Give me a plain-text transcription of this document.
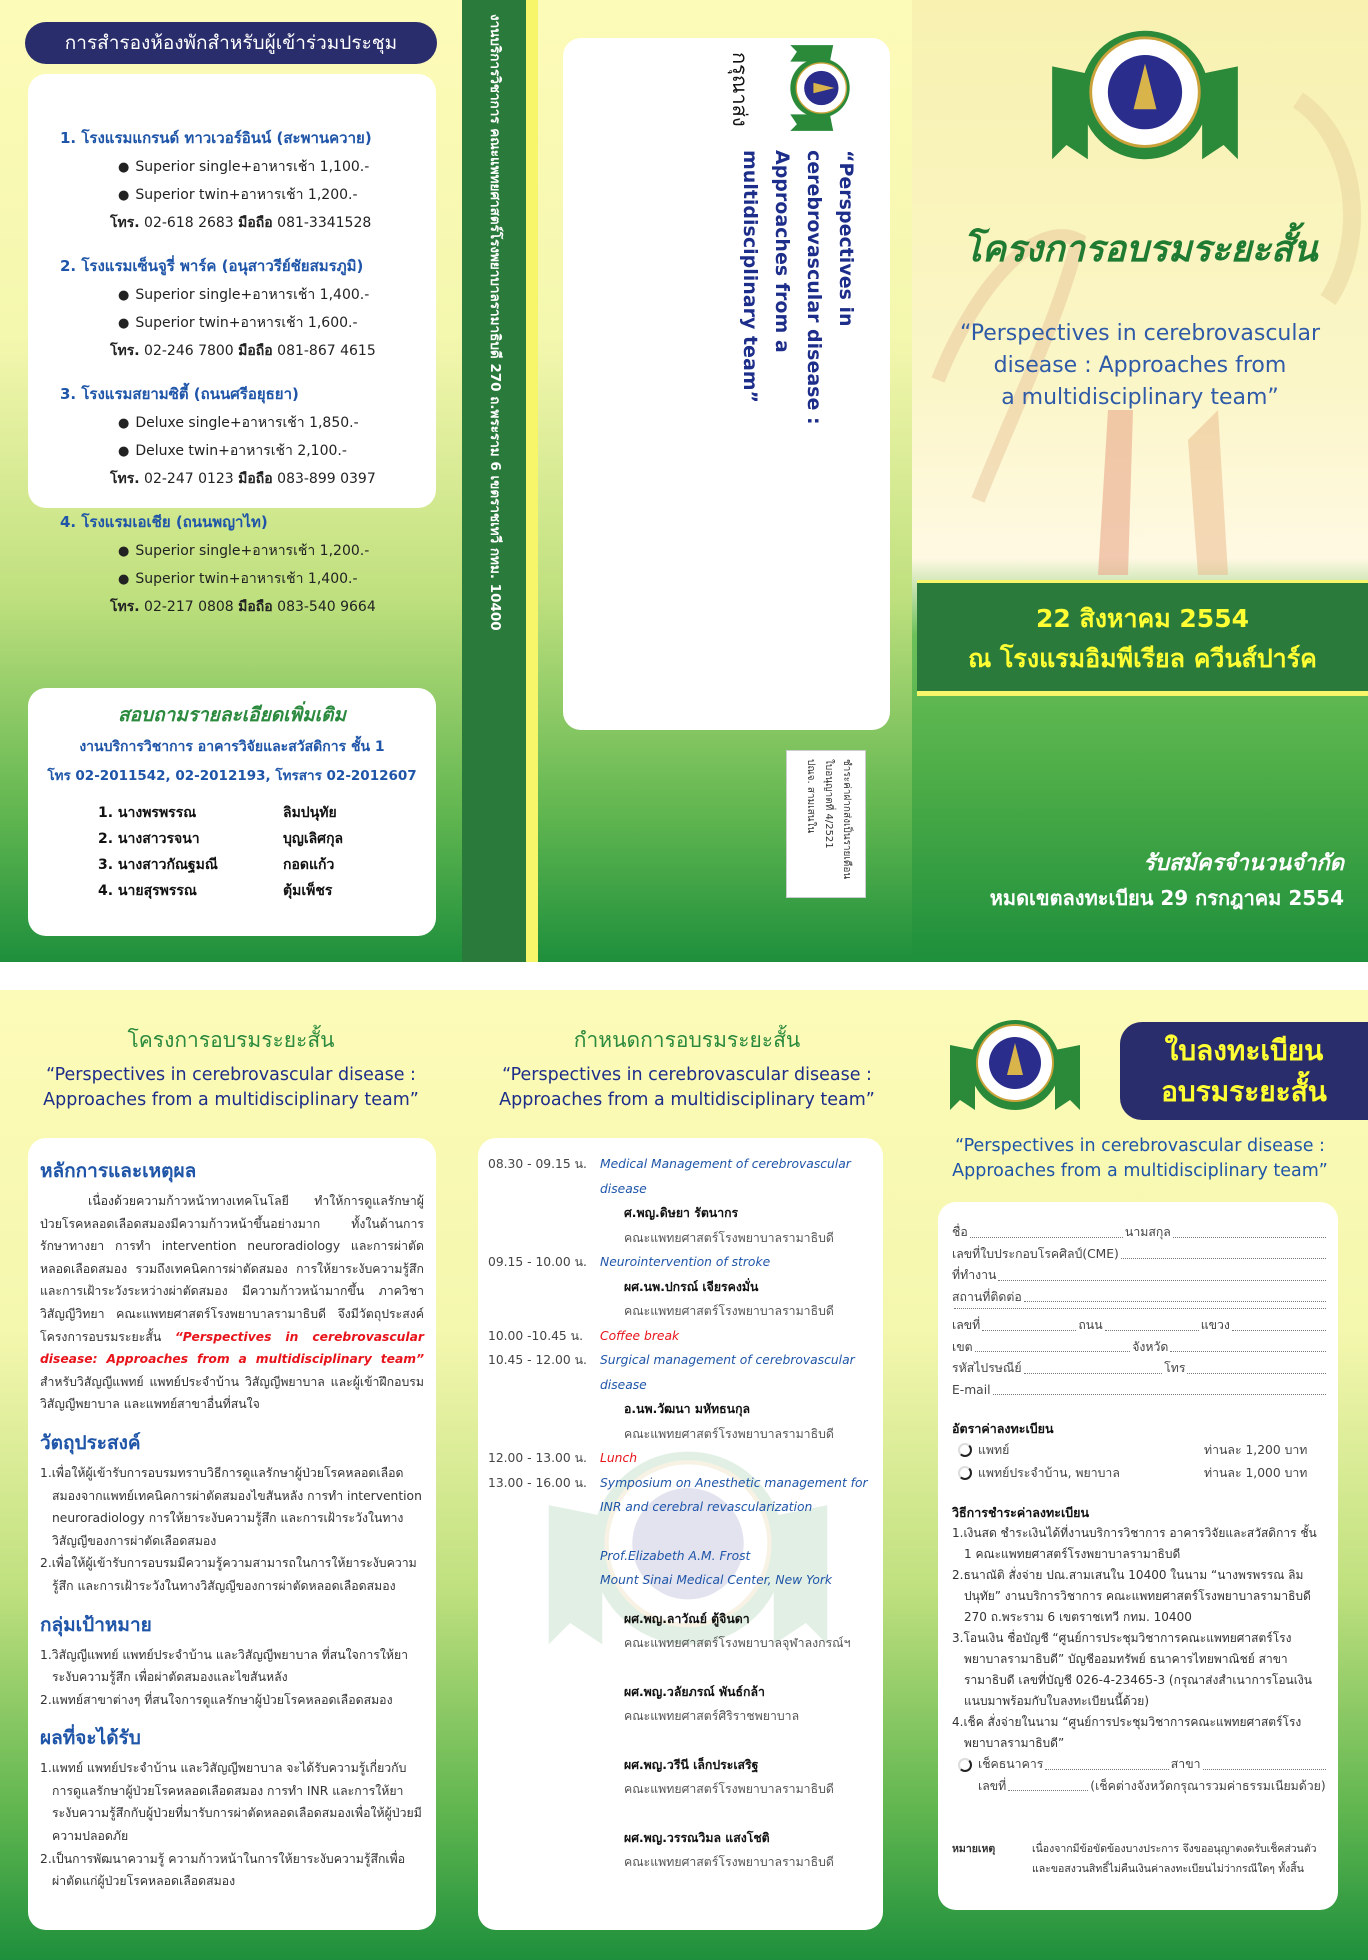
การสำรองห้องพักสำหรับผู้เข้าร่วมประชุม
1. โรงแรมแกรนด์ ทาวเวอร์อินน์ (สะพานควาย)
● Superior single+อาหารเช้า 1,100.-
● Superior twin+อาหารเช้า 1,200.-
โทร. 02-618 2683 มือถือ 081-3341528
2. โรงแรมเซ็นจูรี่ พาร์ค (อนุสาวรีย์ชัยสมรภูมิ)
● Superior single+อาหารเช้า 1,400.-
● Superior twin+อาหารเช้า 1,600.-
โทร. 02-246 7800 มือถือ 081-867 4615
3. โรงแรมสยามซิตี้ (ถนนศรีอยุธยา)
● Deluxe single+อาหารเช้า 1,850.-
● Deluxe twin+อาหารเช้า 2,100.-
โทร. 02-247 0123 มือถือ 083-899 0397
4. โรงแรมเอเชีย (ถนนพญาไท)
● Superior single+อาหารเช้า 1,200.-
● Superior twin+อาหารเช้า 1,400.-
โทร. 02-217 0808 มือถือ 083-540 9664
สอบถามรายละเอียดเพิ่มเติม
งานบริการวิชาการ อาคารวิจัยและสวัสดิการ ชั้น 1
โทร 02-2011542, 02-2012193, โทรสาร 02-2012607
1. นางพรพรรณ	ลิมปนุทัย
2. นางสาวรจนา	บุญเลิศกุล
3. นางสาวกัณฐมณี	กอดแก้ว
4. นายสุรพรรณ	ตุ้มเพ็ชร
งานบริการวิชาการ คณะแพทยศาสตร์โรงพยาบาลรามาธิบดี 270 ถ.พระราม 6 เขตราชเทวี กทม. 10400	กรุณาส่ง
“Perspectives in cerebrovascular disease : Approaches from a multidisciplinary team”
ชำระค่าฝากส่งเป็นรายเดือน
ใบอนุญาตที่ 4/2521
ปณจ. สามเสนใน
โครงการอบรมระยะสั้น
“Perspectives in cerebrovascular
disease : Approaches from
a multidisciplinary team”
22 สิงหาคม 2554
ณ โรงแรมอิมพีเรียล ควีนส์ปาร์ค
รับสมัครจำนวนจำกัด
หมดเขตลงทะเบียน 29 กรกฎาคม 2554
โครงการอบรมระยะสั้น
“Perspectives in cerebrovascular disease :
Approaches from a multidisciplinary team”
หลักการและเหตุผล
เนื่องด้วยความก้าวหน้าทางเทคโนโลยี ทำให้การดูแลรักษาผู้ป่วยโรคหลอดเลือดสมองมีความก้าวหน้าขึ้นอย่างมาก ทั้งในด้านการรักษาทางยา การทำ intervention neuroradiology และการผ่าตัดหลอดเลือดสมอง รวมถึงเทคนิคการผ่าตัดสมอง การให้ยาระงับความรู้สึกและการเฝ้าระวังระหว่างผ่าตัดสมอง มีความก้าวหน้ามากขึ้น ภาควิชาวิสัญญีวิทยา คณะแพทยศาสตร์โรงพยาบาลรามาธิบดี จึงมีวัตถุประสงค์โครงการอบรมระยะสั้น “Perspectives in cerebrovascular disease: Approaches from a multidisciplinary team” สำหรับวิสัญญีแพทย์ แพทย์ประจำบ้าน วิสัญญีพยาบาล และผู้เข้าฝึกอบรมวิสัญญีพยาบาล และแพทย์สาขาอื่นที่สนใจ
วัตถุประสงค์
1.เพื่อให้ผู้เข้ารับการอบรมทราบวิธีการดูแลรักษาผู้ป่วยโรคหลอดเลือดสมองจากแพทย์เทคนิคการผ่าตัดสมองไขสันหลัง การทำ intervention neuroradiology การให้ยาระงับความรู้สึก และการเฝ้าระวังในทางวิสัญญีของการผ่าตัดเลือดสมอง
2.เพื่อให้ผู้เข้ารับการอบรมมีความรู้ความสามารถในการให้ยาระงับความรู้สึก และการเฝ้าระวังในทางวิสัญญีของการผ่าตัดหลอดเลือดสมอง
กลุ่มเป้าหมาย
1.วิสัญญีแพทย์ แพทย์ประจำบ้าน และวิสัญญีพยาบาล ที่สนใจการให้ยาระงับความรู้สึก เพื่อผ่าตัดสมองและไขสันหลัง
2.แพทย์สาขาต่างๆ ที่สนใจการดูแลรักษาผู้ป่วยโรคหลอดเลือดสมอง
ผลที่จะได้รับ
1.แพทย์ แพทย์ประจำบ้าน และวิสัญญีพยาบาล จะได้รับความรู้เกี่ยวกับการดูแลรักษาผู้ป่วยโรคหลอดเลือดสมอง การทำ INR และการให้ยาระงับความรู้สึกกับผู้ป่วยที่มารับการผ่าตัดหลอดเลือดสมองเพื่อให้ผู้ป่วยมีความปลอดภัย
2.เป็นการพัฒนาความรู้ ความก้าวหน้าในการให้ยาระงับความรู้สึกเพื่อผ่าตัดแก่ผู้ป่วยโรคหลอดเลือดสมอง
กำหนดการอบรมระยะสั้น
“Perspectives in cerebrovascular disease :
Approaches from a multidisciplinary team”
08.30 - 09.15 น.	Medical Management of cerebrovascular disease
ศ.พญ.ดิษยา รัตนากร
คณะแพทยศาสตร์โรงพยาบาลรามาธิบดี
09.15 - 10.00 น.	Neurointervention of stroke
ผศ.นพ.ปกรณ์ เจียรคงมั่น
คณะแพทยศาสตร์โรงพยาบาลรามาธิบดี
10.00 -10.45 น.	Coffee break
10.45 - 12.00 น.	Surgical management of cerebrovascular disease
อ.นพ.วัฒนา มหัทธนกุล
คณะแพทยศาสตร์โรงพยาบาลรามาธิบดี
12.00 - 13.00 น.	Lunch
13.00 - 16.00 น.	Symposium on Anesthetic management for INR and cerebral revascularization
Prof.Elizabeth A.M. Frost
Mount Sinai Medical Center, New York
ผศ.พญ.ลาวัณย์ ตู้จินดา
คณะแพทยศาสตร์โรงพยาบาลจุฬาลงกรณ์ฯ
ผศ.พญ.วลัยภรณ์ พันธ์กล้า
คณะแพทยศาสตร์ศิริราชพยาบาล
ผศ.พญ.วรีนี เล็กประเสริฐ
คณะแพทยศาสตร์โรงพยาบาลรามาธิบดี
ผศ.พญ.วรรณวิมล แสงโชติ
คณะแพทยศาสตร์โรงพยาบาลรามาธิบดี
ใบลงทะเบียน
อบรมระยะสั้น
“Perspectives in cerebrovascular disease :
Approaches from a multidisciplinary team”
ชื่อ	นามสกุล
เลขที่ใบประกอบโรคศิลป์(CME)
ที่ทำงาน
สถานที่ติดต่อ
เลขที่	ถนน	แขวง
เขต	จังหวัด
รหัสไปรษณีย์	โทร
E-mail
อัตราค่าลงทะเบียน
แพทย์	ท่านละ 1,200 บาท
แพทย์ประจำบ้าน, พยาบาล	ท่านละ 1,000 บาท
วิธีการชำระค่าลงทะเบียน
1.เงินสด ชำระเงินได้ที่งานบริการวิชาการ อาคารวิจัยและสวัสดิการ ชั้น 1 คณะแพทยศาสตร์โรงพยาบาลรามาธิบดี
2.ธนาณัติ สั่งจ่าย ปณ.สามเสนใน 10400 ในนาม “นางพรพรรณ ลิมปนุทัย” งานบริการวิชาการ คณะแพทยศาสตร์โรงพยาบาลรามาธิบดี 270 ถ.พระราม 6 เขตราชเทวี กทม. 10400
3.โอนเงิน ชื่อบัญชี “ศูนย์การประชุมวิชาการคณะแพทยศาสตร์โรงพยาบาลรามาธิบดี” บัญชีออมทรัพย์ ธนาคารไทยพาณิชย์ สาขารามาธิบดี เลขที่บัญชี 026-4-23465-3 (กรุณาส่งสำเนาการโอนเงินแนบมาพร้อมกับใบลงทะเบียนนี้ด้วย)
4.เช็ค สั่งจ่ายในนาม “ศูนย์การประชุมวิชาการคณะแพทยศาสตร์โรงพยาบาลรามาธิบดี”
เช็คธนาคาร	สาขา
เลขที่	(เช็คต่างจังหวัดกรุณารวมค่าธรรมเนียมด้วย)
หมายเหตุ	เนื่องจากมีข้อขัดข้องบางประการ จึงขออนุญาตงดรับเช็คส่วนตัว และขอสงวนสิทธิ์ไม่คืนเงินค่าลงทะเบียนไม่ว่ากรณีใดๆ ทั้งสิ้น
